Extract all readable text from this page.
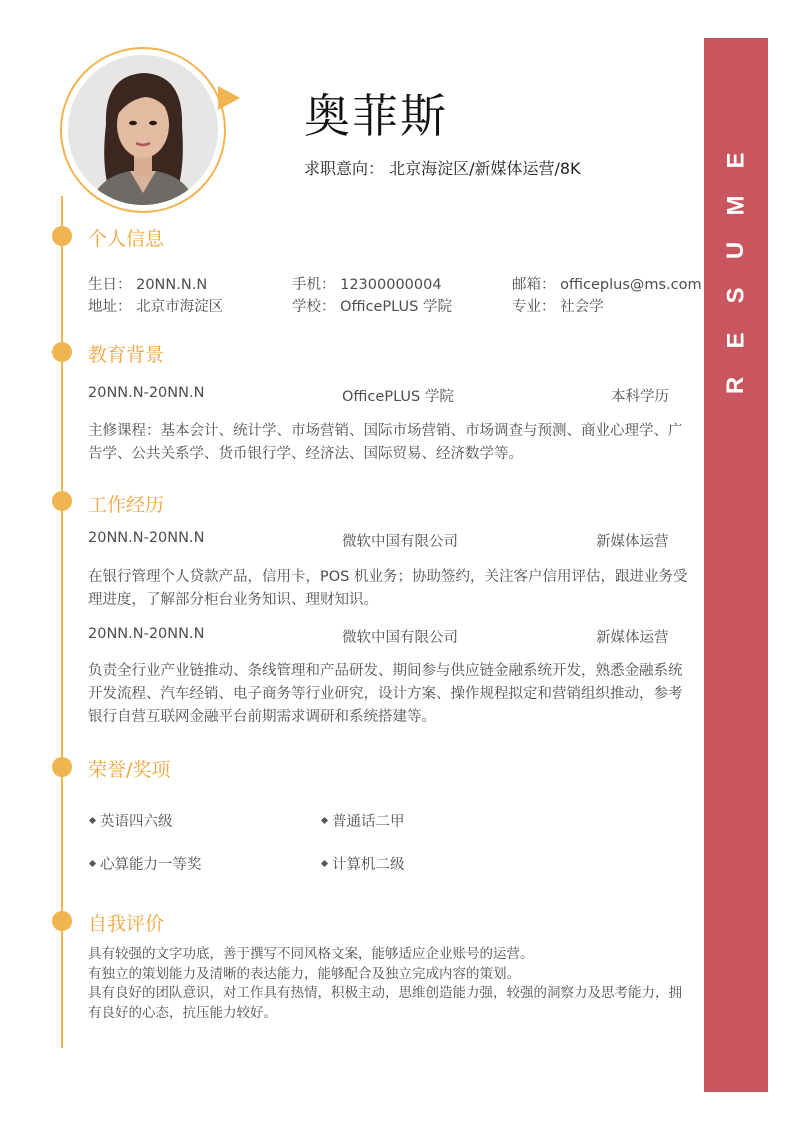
E
M
U
S
E
R
奥菲斯
求职意向： 北京海淀区/新媒体运营/8K
个人信息
生日： 20NN.N.N	手机： 12300000004	邮箱： officeplus@ms.com
地址： 北京市海淀区	学校： OfficePLUS 学院	专业： 社会学
教育背景
20NN.N-20NN.N	OfficePLUS 学院	本科学历
主修课程：基本会计、统计学、市场营销、国际市场营销、市场调查与预测、商业心理学、广告学、公共关系学、货币银行学、经济法、国际贸易、经济数学等。
工作经历
20NN.N-20NN.N	微软中国有限公司	新媒体运营
在银行管理个人贷款产品，信用卡，POS 机业务；协助签约，关注客户信用评估，跟进业务受理进度，了解部分柜台业务知识、理财知识。
20NN.N-20NN.N	微软中国有限公司	新媒体运营
负责全行业产业链推动、条线管理和产品研发、期间参与供应链金融系统开发，熟悉金融系统开发流程、汽车经销、电子商务等行业研究，设计方案、操作规程拟定和营销组织推动，参考银行自营互联网金融平台前期需求调研和系统搭建等。
荣誉/奖项
英语四六级	普通话二甲
心算能力一等奖	计算机二级
自我评价
具有较强的文字功底，善于撰写不同风格文案，能够适应企业账号的运营。
有独立的策划能力及清晰的表达能力，能够配合及独立完成内容的策划。
具有良好的团队意识，对工作具有热情，积极主动，思维创造能力强，较强的洞察力及思考能力，拥有良好的心态，抗压能力较好。
